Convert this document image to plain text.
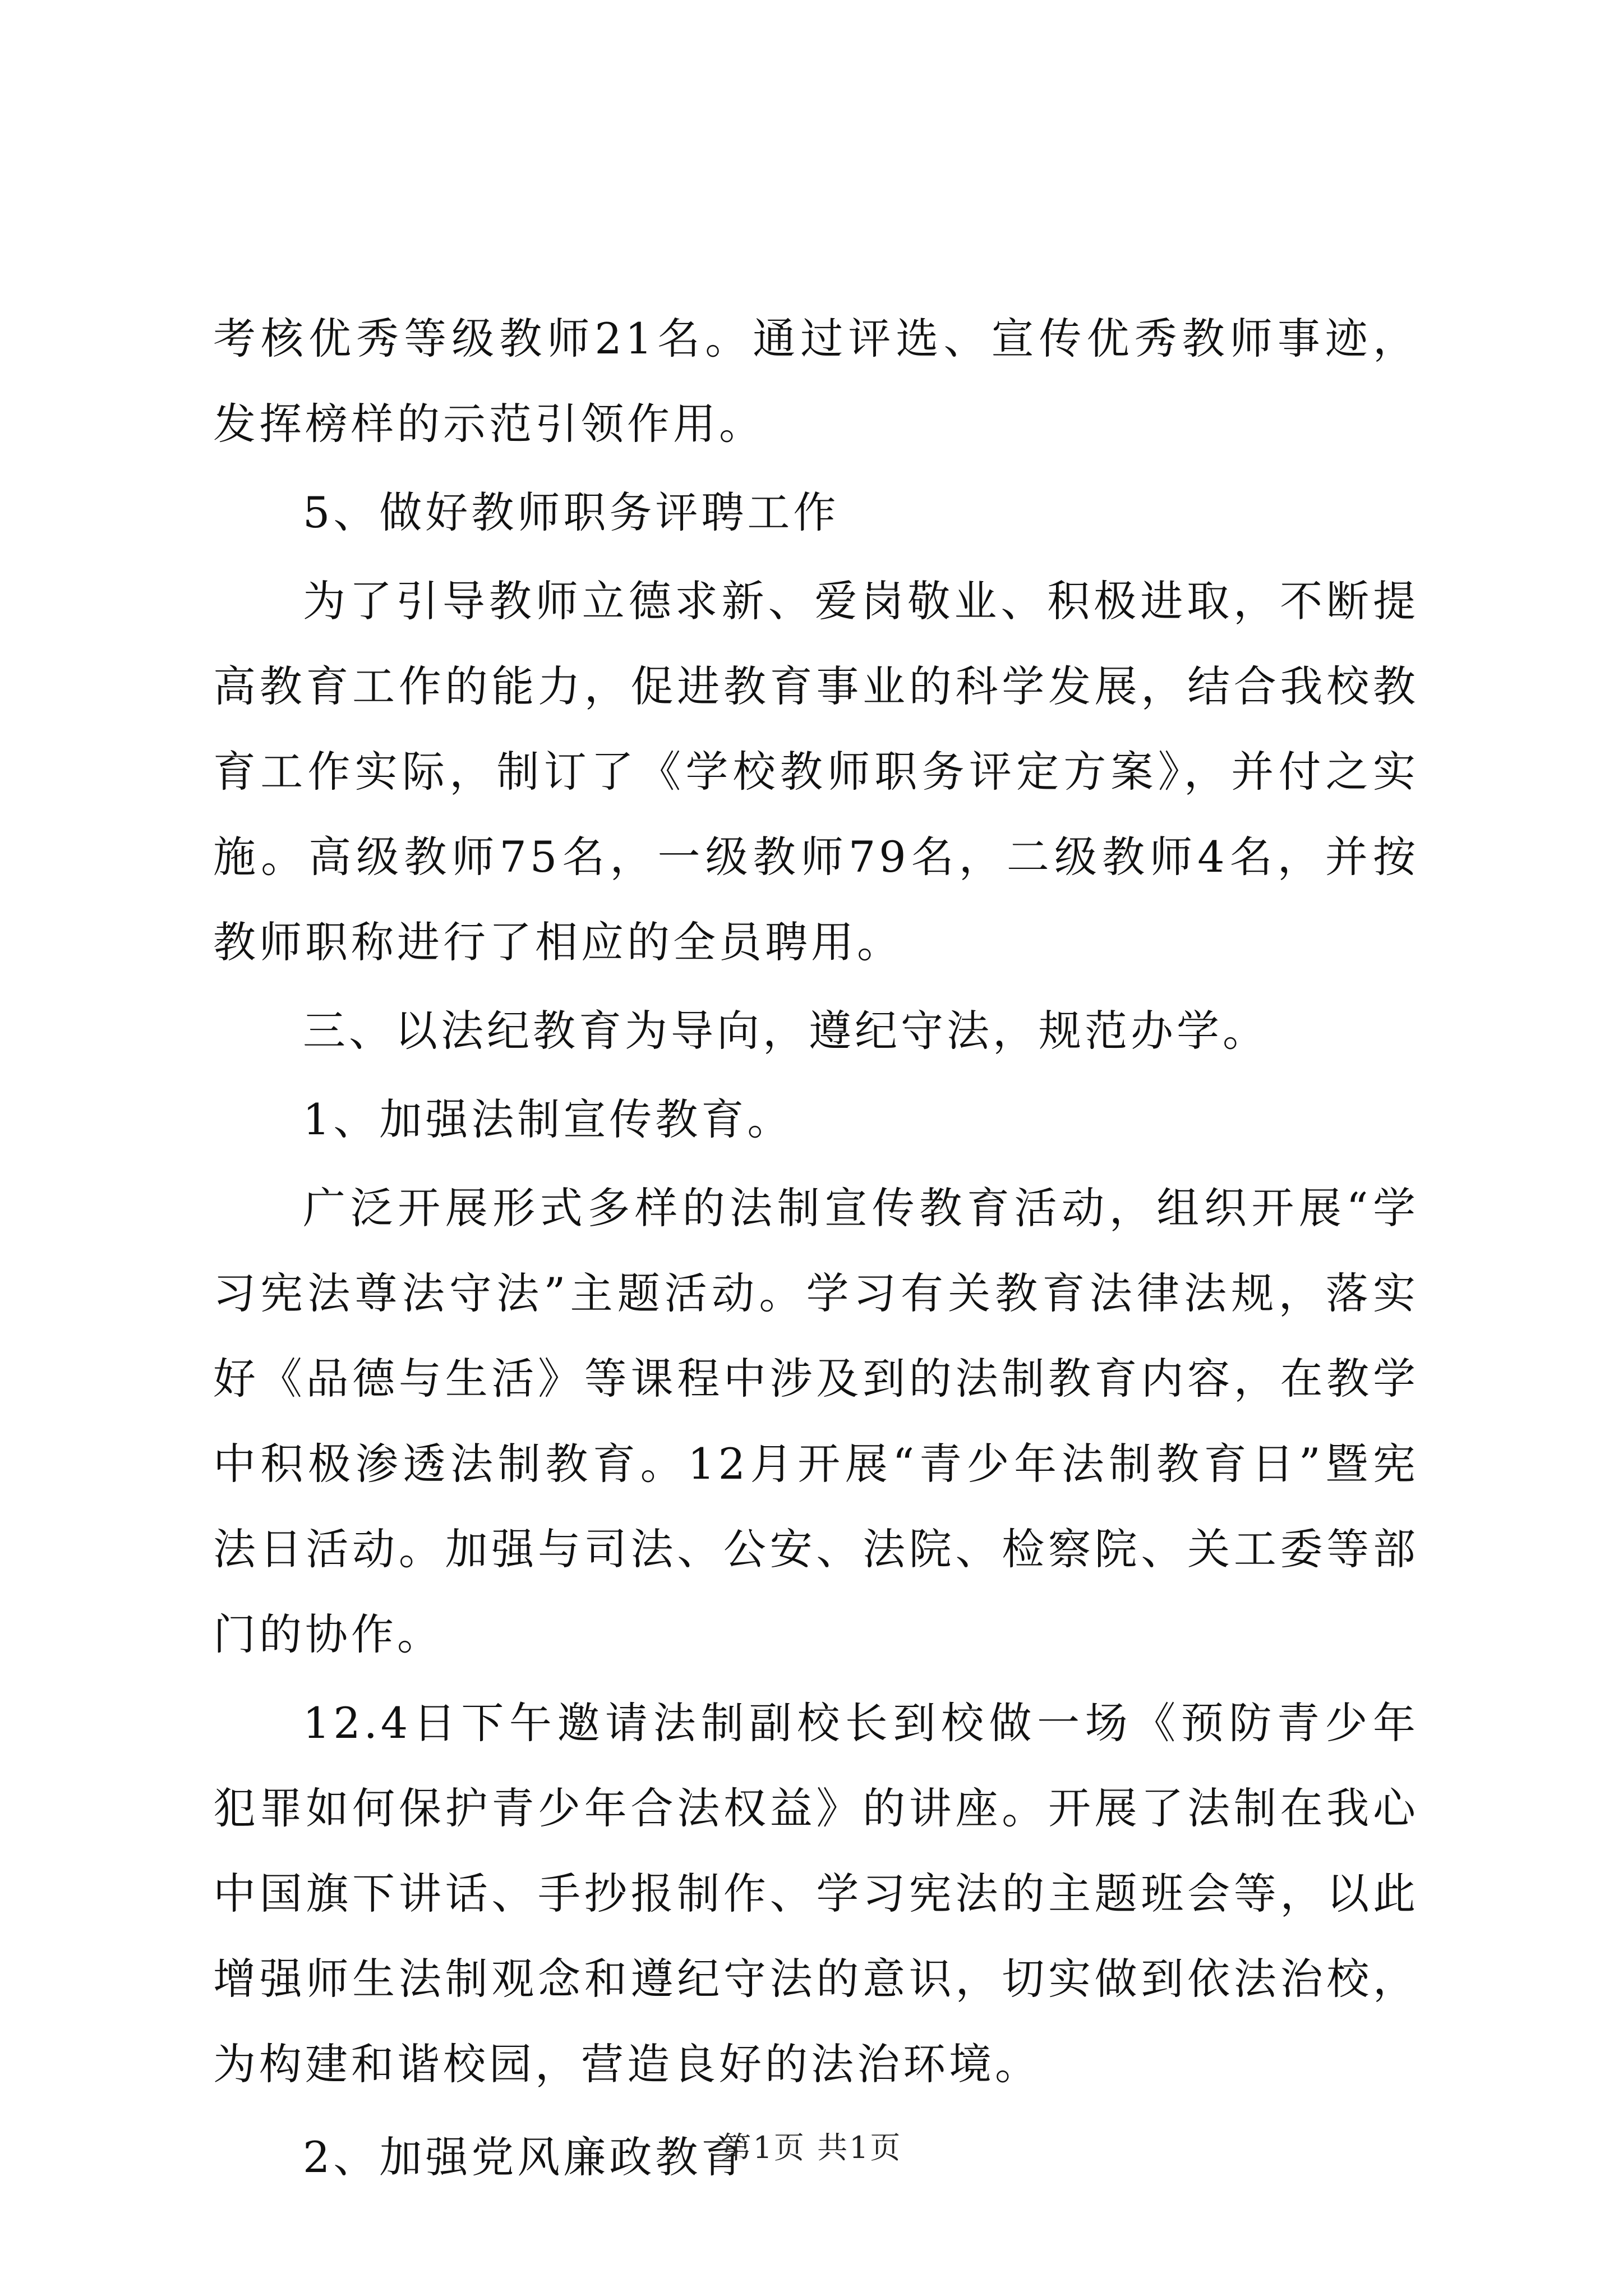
考核优秀等级教师21名。通过评选、宣传优秀教师事迹，发挥榜样的示范引领作用。

5、做好教师职务评聘工作

为了引导教师立德求新、爱岗敬业、积极进取，不断提高教育工作的能力，促进教育事业的科学发展，结合我校教育工作实际，制订了《学校教师职务评定方案》，并付之实施。高级教师75名，一级教师79名，二级教师4名，并按教师职称进行了相应的全员聘用。

三、以法纪教育为导向，遵纪守法，规范办学。

1、加强法制宣传教育。

广泛开展形式多样的法制宣传教育活动，组织开展“学习宪法尊法守法”主题活动。学习有关教育法律法规，落实好《品德与生活》等课程中涉及到的法制教育内容，在教学中积极渗透法制教育。12月开展“青少年法制教育日”暨宪法日活动。加强与司法、公安、法院、检察院、关工委等部门的协作。

12.4日下午邀请法制副校长到校做一场《预防青少年犯罪如何保护青少年合法权益》的讲座。开展了法制在我心中国旗下讲话、手抄报制作、学习宪法的主题班会等，以此增强师生法制观念和遵纪守法的意识，切实做到依法治校，为构建和谐校园，营造良好的法治环境。

2、加强党风廉政教育

第1页 共1页
